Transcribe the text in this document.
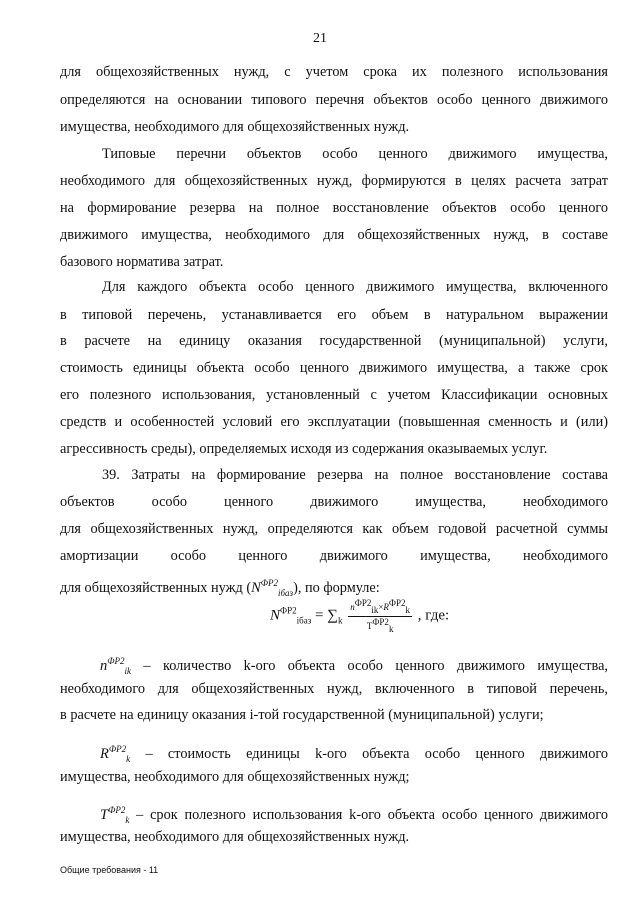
21
для общехозяйственных нужд, с учетом срока их полезного использования
определяются на основании типового перечня объектов особо ценного движимого
имущества, необходимого для общехозяйственных нужд.
Типовые перечни объектов особо ценного движимого имущества,
необходимого для общехозяйственных нужд, формируются в целях расчета затрат
на формирование резерва на полное восстановление объектов особо ценного
движимого имущества, необходимого для общехозяйственных нужд, в составе
базового норматива затрат.
Для каждого объекта особо ценного движимого имущества, включенного
в типовой перечень, устанавливается его объем в натуральном выражении
в расчете на единицу оказания государственной (муниципальной) услуги,
стоимость единицы объекта особо ценного движимого имущества, а также срок
его полезного использования, установленный с учетом Классификации основных
средств и особенностей условий его эксплуатации (повышенная сменность и (или)
агрессивность среды), определяемых исходя из содержания оказываемых услуг.
39. Затраты на формирование резерва на полное восстановление состава
объектов особо ценного движимого имущества, необходимого
для общехозяйственных нужд, определяются как объем годовой расчетной суммы
амортизации особо ценного движимого имущества, необходимого
для общехозяйственных нужд $(N^{ФР2}_{iбаз})$, по формуле:
$N^{ФР2}_{iбаз} = \sum_k \frac{n^{ФР2}_{ik}\times R^{ФР2}_k}{T^{ФР2}_k}$ , где:
$n^{ФР2}_{ik}$ – количество k-ого объекта особо ценного движимого имущества,
необходимого для общехозяйственных нужд, включенного в типовой перечень,
в расчете на единицу оказания i-той государственной (муниципальной) услуги;
$R^{ФР2}_k$ – стоимость единицы k-ого объекта особо ценного движимого
имущества, необходимого для общехозяйственных нужд;
$T^{ФР2}_k$ – срок полезного использования k-ого объекта особо ценного движимого
имущества, необходимого для общехозяйственных нужд.
Общие требования - 11
